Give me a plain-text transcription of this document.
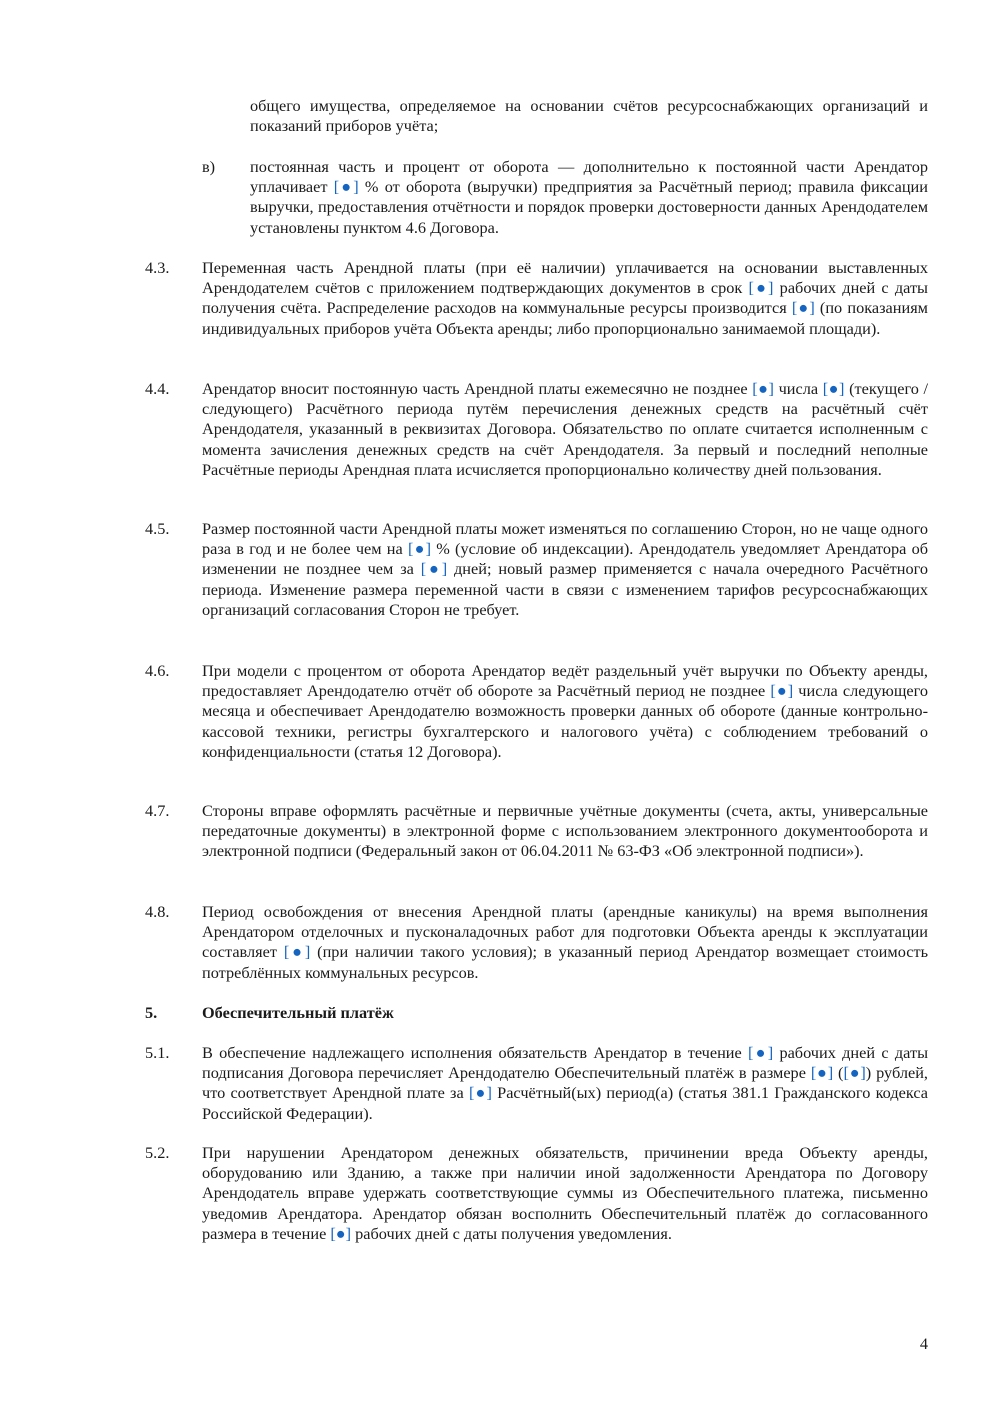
общего имущества, определяемое на основании счётов ресурсоснабжающих организаций и показаний приборов учёта;
в) постоянная часть и процент от оборота — дополнительно к постоянной части Арендатор уплачивает [●] % от оборота (выручки) предприятия за Расчётный период; правила фиксации выручки, предоставления отчётности и порядок проверки достоверности данных Арендодателем установлены пунктом 4.6 Договора.
4.3. Переменная часть Арендной платы (при её наличии) уплачивается на основании выставленных Арендодателем счётов с приложением подтверждающих документов в срок [●] рабочих дней с даты получения счёта. Распределение расходов на коммунальные ресурсы производится [●] (по показаниям индивидуальных приборов учёта Объекта аренды; либо пропорционально занимаемой площади).
4.4. Арендатор вносит постоянную часть Арендной платы ежемесячно не позднее [●] числа [●] (текущего / следующего) Расчётного периода путём перечисления денежных средств на расчётный счёт Арендодателя, указанный в реквизитах Договора. Обязательство по оплате считается исполненным с момента зачисления денежных средств на счёт Арендодателя. За первый и последний неполные Расчётные периоды Арендная плата исчисляется пропорционально количеству дней пользования.
4.5. Размер постоянной части Арендной платы может изменяться по соглашению Сторон, но не чаще одного раза в год и не более чем на [●] % (условие об индексации). Арендодатель уведомляет Арендатора об изменении не позднее чем за [●] дней; новый размер применяется с начала очередного Расчётного периода. Изменение размера переменной части в связи с изменением тарифов ресурсоснабжающих организаций согласования Сторон не требует.
4.6. При модели с процентом от оборота Арендатор ведёт раздельный учёт выручки по Объекту аренды, предоставляет Арендодателю отчёт об обороте за Расчётный период не позднее [●] числа следующего месяца и обеспечивает Арендодателю возможность проверки данных об обороте (данные контрольно-кассовой техники, регистры бухгалтерского и налогового учёта) с соблюдением требований о конфиденциальности (статья 12 Договора).
4.7. Стороны вправе оформлять расчётные и первичные учётные документы (счета, акты, универсальные передаточные документы) в электронной форме с использованием электронного документооборота и электронной подписи (Федеральный закон от 06.04.2011 № 63-ФЗ «Об электронной подписи»).
4.8. Период освобождения от внесения Арендной платы (арендные каникулы) на время выполнения Арендатором отделочных и пусконаладочных работ для подготовки Объекта аренды к эксплуатации составляет [●] (при наличии такого условия); в указанный период Арендатор возмещает стоимость потреблённых коммунальных ресурсов.
5.	Обеспечительный платёж
5.1. В обеспечение надлежащего исполнения обязательств Арендатор в течение [●] рабочих дней с даты подписания Договора перечисляет Арендодателю Обеспечительный платёж в размере [●] ([●]) рублей, что соответствует Арендной плате за [●] Расчётный(ых) период(а) (статья 381.1 Гражданского кодекса Российской Федерации).
5.2. При нарушении Арендатором денежных обязательств, причинении вреда Объекту аренды, оборудованию или Зданию, а также при наличии иной задолженности Арендатора по Договору Арендодатель вправе удержать соответствующие суммы из Обеспечительного платежа, письменно уведомив Арендатора. Арендатор обязан восполнить Обеспечительный платёж до согласованного размера в течение [●] рабочих дней с даты получения уведомления.
4
